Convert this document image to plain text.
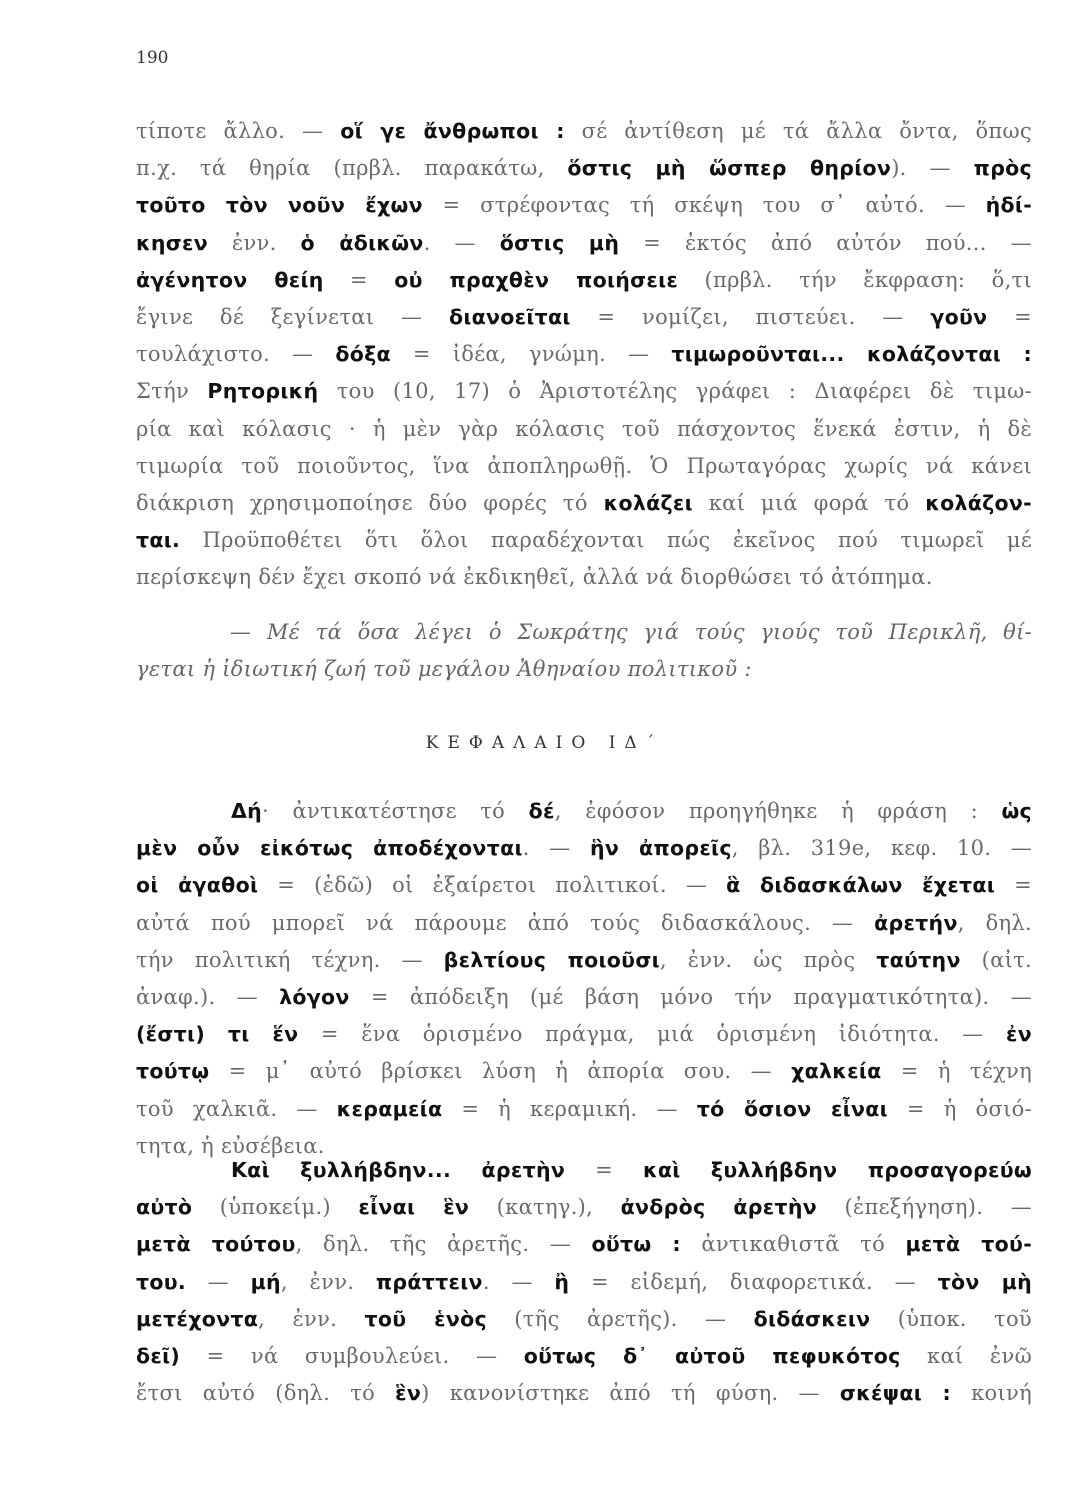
190
τίποτε ἄλλο. — οἵ γε ἄνθρωποι : σέ ἀντίθεση μέ τά ἄλλα ὄντα, ὅπως
π.χ. τά θηρία (πρβλ. παρακάτω, ὅστις μὴ ὥσπερ θηρίον). — πρὸς
τοῦτο τὸν νοῦν ἔχων = στρέφοντας τή σκέψη του σ᾽ αὐτό. — ἠδί-
κησεν ἐνν. ὁ ἀδικῶν. — ὅστις μὴ = ἐκτός ἀπό αὐτόν πού... —
ἀγένητον θείη = οὐ πραχθὲν ποιήσειε (πρβλ. τήν ἔκφραση: ὅ,τι
ἔγινε δέ ξεγίνεται — διανοεῖται = νομίζει, πιστεύει. — γοῦν =
τουλάχιστο. — δόξα = ἰδέα, γνώμη. — τιμωροῦνται... κολάζονται :
Στήν Ρητορική του (10, 17) ὁ Ἀριστοτέλης γράφει : Διαφέρει δὲ τιμω-
ρία καὶ κόλασις · ἡ μὲν γὰρ κόλασις τοῦ πάσχοντος ἕνεκά ἐστιν, ἡ δὲ
τιμωρία τοῦ ποιοῦντος, ἵνα ἀποπληρωθῇ. Ὁ Πρωταγόρας χωρίς νά κάνει
διάκριση χρησιμοποίησε δύο φορές τό κολάζει καί μιά φορά τό κολάζον-
ται. Προϋποθέτει ὅτι ὅλοι παραδέχονται πώς ἐκεῖνος πού τιμωρεῖ μέ
περίσκεψη δέν ἔχει σκοπό νά ἐκδικηθεῖ, ἀλλά νά διορθώσει τό ἀτόπημα.
— Μέ τά ὅσα λέγει ὁ Σωκράτης γιά τούς γιούς τοῦ Περικλῆ, θί-
γεται ἡ ἰδιωτική ζωή τοῦ μεγάλου Ἀθηναίου πολιτικοῦ :
ΚΕΦΑΛΑΙΟ ΙΔ΄
Δή· ἀντικατέστησε τό δέ, ἐφόσον προηγήθηκε ἡ φράση : ὡς
μὲν οὖν εἰκότως ἀποδέχονται. — ἣν ἀπορεῖς, βλ. 319e, κεφ. 10. —
οἱ ἀγαθοὶ = (ἐδῶ) οἱ ἐξαίρετοι πολιτικοί. — ἃ διδασκάλων ἔχεται =
αὐτά πού μπορεῖ νά πάρουμε ἀπό τούς διδασκάλους. — ἀρετήν, δηλ.
τήν πολιτική τέχνη. — βελτίους ποιοῦσι, ἐνν. ὡς πρὸς ταύτην (αἰτ.
ἀναφ.). — λόγον = ἀπόδειξη (μέ βάση μόνο τήν πραγματικότητα). —
(ἔστι) τι ἕν = ἕνα ὁρισμένο πράγμα, μιά ὁρισμένη ἰδιότητα. — ἐν
τούτῳ = μ᾽ αὐτό βρίσκει λύση ἡ ἀπορία σου. — χαλκεία = ἡ τέχνη
τοῦ χαλκιᾶ. — κεραμεία = ἡ κεραμική. — τό ὅσιον εἶναι = ἡ ὁσιό-
τητα, ἡ εὐσέβεια.
Καὶ ξυλλήβδην... ἀρετὴν = καὶ ξυλλήβδην προσαγορεύω
αὐτὸ (ὑποκείμ.) εἶναι ἓν (κατηγ.), ἀνδρὸς ἀρετὴν (ἐπεξήγηση). —
μετὰ τούτου, δηλ. τῆς ἀρετῆς. — οὕτω : ἀντικαθιστᾶ τό μετὰ τού-
του. — μή, ἐνν. πράττειν. — ἢ = εἰδεμή, διαφορετικά. — τὸν μὴ
μετέχοντα, ἐνν. τοῦ ἑνὸς (τῆς ἀρετῆς). — διδάσκειν (ὑποκ. τοῦ
δεῖ) = νά συμβουλεύει. — οὕτως δ᾽ αὐτοῦ πεφυκότος καί ἐνῶ
ἔτσι αὐτό (δηλ. τό ἓν) κανονίστηκε ἀπό τή φύση. — σκέψαι : κοινή
